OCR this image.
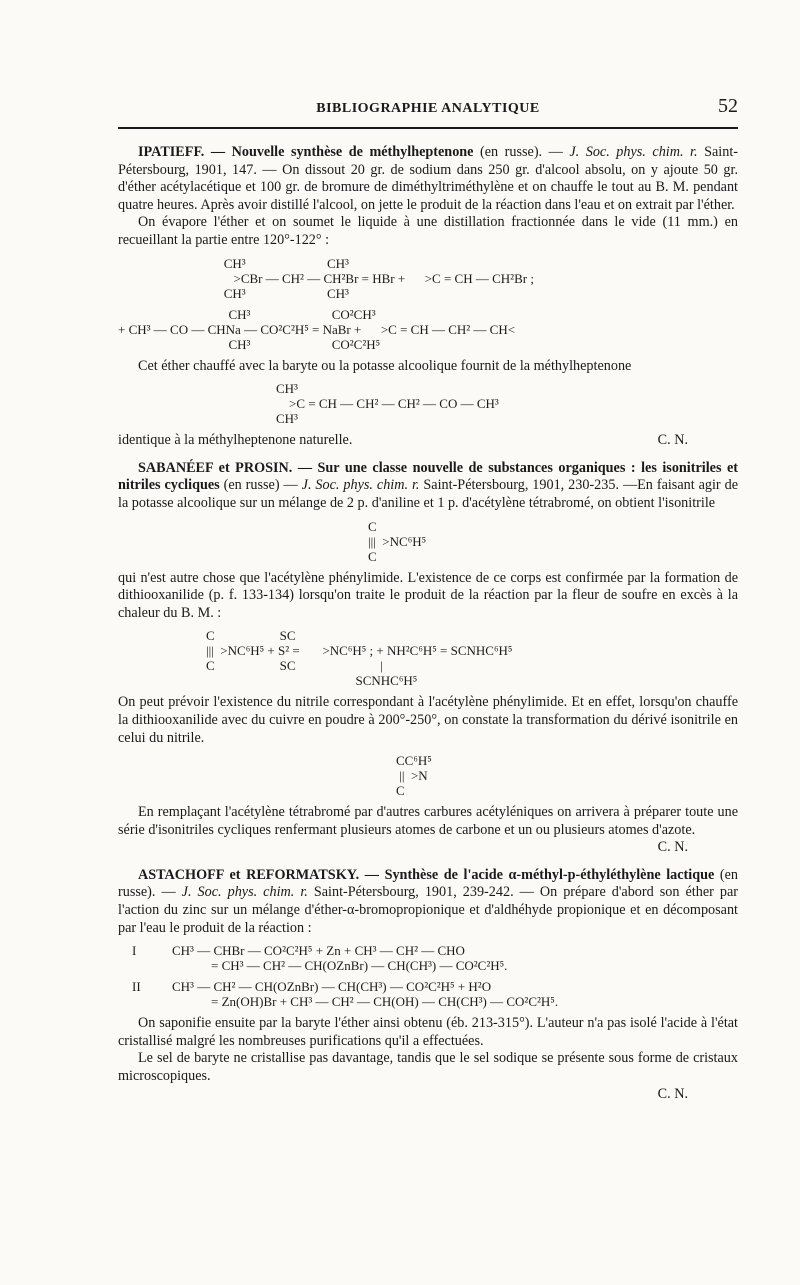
BIBLIOGRAPHIE ANALYTIQUE	52

IPATIEFF. — Nouvelle synthèse de méthylheptenone (en russe). — J. Soc. phys. chim. r. Saint-Pétersbourg, 1901, 147. — On dissout 20 gr. de sodium dans 250 gr. d'alcool absolu, on y ajoute 50 gr. d'éther acétylacétique et 100 gr. de bromure de diméthyltriméthylène et on chauffe le tout au B. M. pendant quatre heures. Après avoir distillé l'alcool, on jette le produit de la réaction dans l'eau et on extrait par l'éther.

On évapore l'éther et on soumet le liquide à une distillation fractionnée dans le vide (11 mm.) en recueillant la partie entre 120°-122° :

CH³                         CH³
>CBr — CH² — CH²Br = HBr +      >C = CH — CH²Br ;
CH³                         CH³
CH³                         CO²CH³
+ CH³ — CO — CHNa — CO²C²H⁵ = NaBr +      >C = CH — CH² — CH<
CH³                         CO²C²H⁵

Cet éther chauffé avec la baryte ou la potasse alcoolique fournit de la méthylheptenone

CH³
>C = CH — CH² — CH² — CO — CH³
CH³
identique à la méthylheptenone naturelle.	C. N.

SABANÉEF et PROSIN. — Sur une classe nouvelle de substances organiques : les isonitriles et nitriles cycliques (en russe) — J. Soc. phys. chim. r. Saint-Pétersbourg, 1901, 230-235. —En faisant agir de la potasse alcoolique sur un mélange de 2 p. d'aniline et 1 p. d'acétylène tétrabromé, on obtient l'isonitrile

C
|||  >NC⁶H⁵
C

qui n'est autre chose que l'acétylène phénylimide. L'existence de ce corps est confirmée par la formation de dithiooxanilide (p. f. 133-134) lorsqu'on traite le produit de la réaction par la fleur de soufre en excès à la chaleur du B. M. :

C                    SC
|||  >NC⁶H⁵ + S² =       >NC⁶H⁵ ; + NH²C⁶H⁵ = SCNHC⁶H⁵
C                    SC                          |
SCNHC⁶H⁵

On peut prévoir l'existence du nitrile correspondant à l'acétylène phénylimide. Et en effet, lorsqu'on chauffe la dithiooxanilide avec du cuivre en poudre à 200°-250°, on constate la transformation du dérivé isonitrile en celui du nitrile.

CC⁶H⁵
||  >N
C

En remplaçant l'acétylène tétrabromé par d'autres carbures acétyléniques on arrivera à préparer toute une série d'isonitriles cycliques renfermant plusieurs atomes de carbone et un ou plusieurs atomes d'azote.

C. N.

ASTACHOFF et REFORMATSKY. — Synthèse de l'acide α-méthyl-p-éthyléthylène lactique (en russe). — J. Soc. phys. chim. r. Saint-Pétersbourg, 1901, 239-242. — On prépare d'abord son éther par l'action du zinc sur un mélange d'éther-α-bromopropionique et d'aldhéhyde propionique et en décomposant par l'eau le produit de la réaction :

I	CH³ — CHBr — CO²C²H⁵ + Zn + CH³ — CH² — CHO
= CH³ — CH² — CH(OZnBr) — CH(CH³) — CO²C²H⁵.
II	CH³ — CH² — CH(OZnBr) — CH(CH³) — CO²C²H⁵ + H²O
= Zn(OH)Br + CH³ — CH² — CH(OH) — CH(CH³) — CO²C²H⁵.

On saponifie ensuite par la baryte l'éther ainsi obtenu (éb. 213-315°). L'auteur n'a pas isolé l'acide à l'état cristallisé malgré les nombreuses purifications qu'il a effectuées.

Le sel de baryte ne cristallise pas davantage, tandis que le sel sodique se présente sous forme de cristaux microscopiques.

C. N.
